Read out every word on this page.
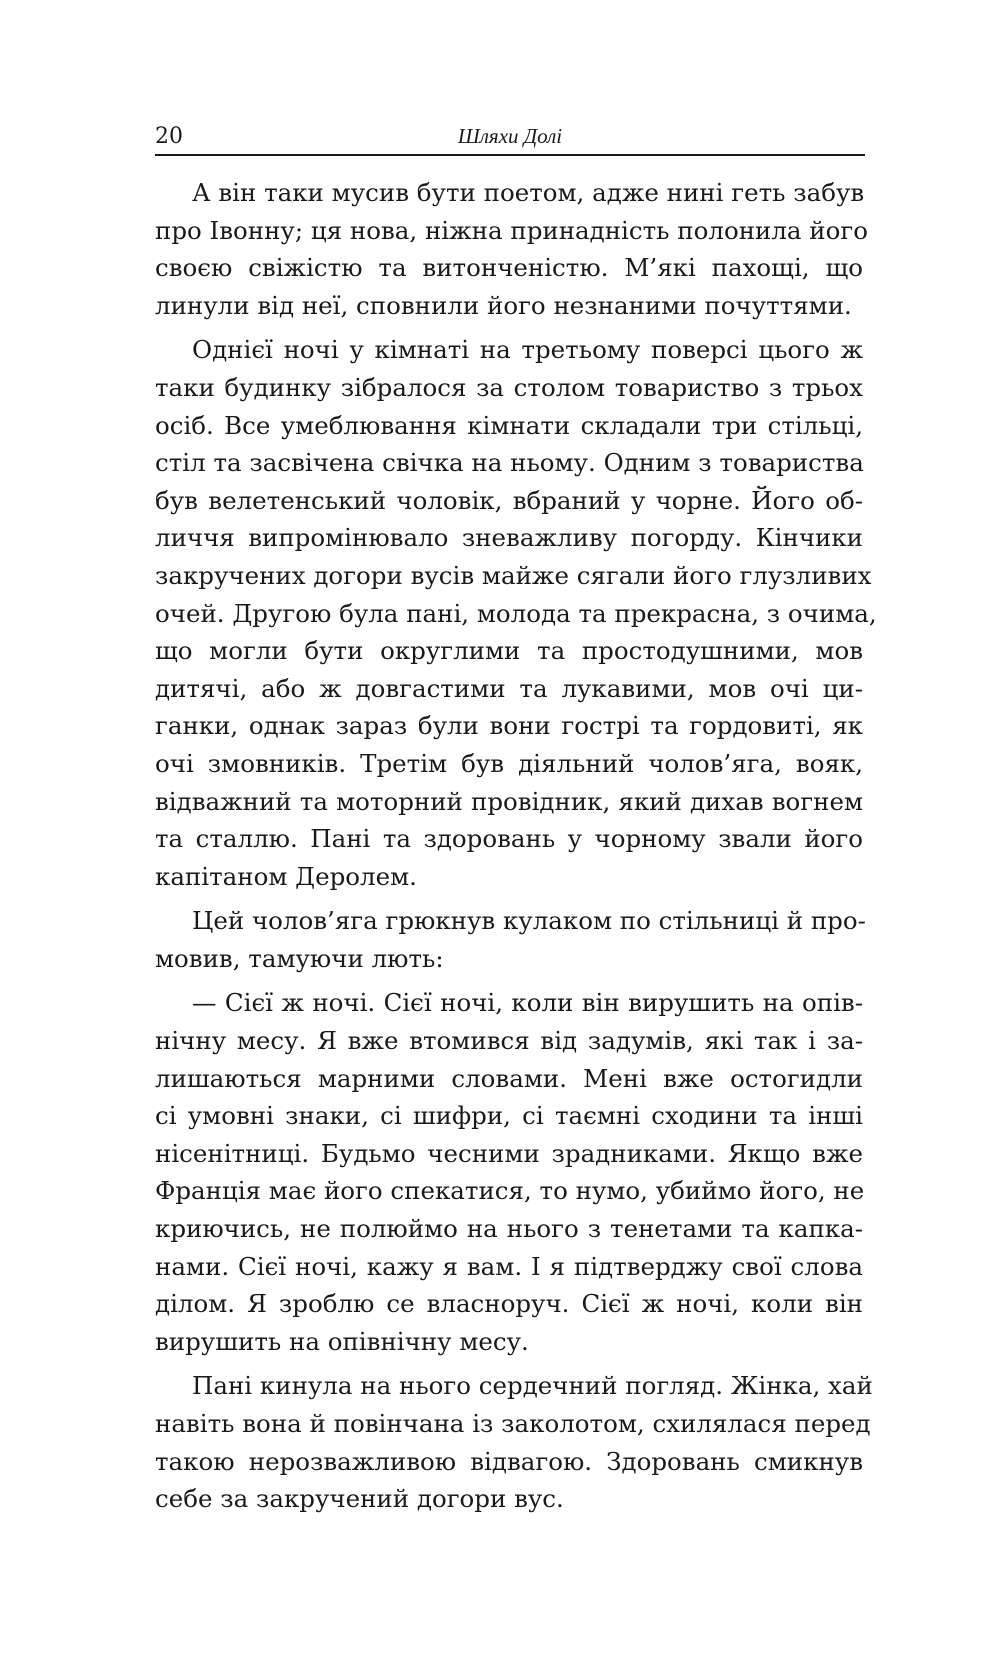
20	Шляхи Долі
А він таки мусив бути поетом, адже нині геть забув
про Івонну; ця нова, ніжна принадність полонила його
своєю свіжістю та витонченістю. М’які пахощі, що
линули від неї, сповнили його незнаними почуттями.
Однієї ночі у кімнаті на третьому поверсі цього ж
таки будинку зібралося за столом товариство з трьох
осіб. Все умеблювання кімнати складали три стільці,
стіл та засвічена свічка на ньому. Одним з товариства
був велетенський чоловік, вбраний у чорне. Його об-
личчя випромінювало зневажливу погорду. Кінчики
закручених догори вусів майже сягали його глузливих
очей. Другою була пані, молода та прекрасна, з очима,
що могли бути округлими та простодушними, мов
дитячі, або ж довгастими та лукавими, мов очі ци-
ганки, однак зараз були вони гострі та гордовиті, як
очі змовників. Третім був діяльний чолов’яга, вояк,
відважний та моторний провідник, який дихав вогнем
та сталлю. Пані та здоровань у чорному звали його
капітаном Деролем.
Цей чолов’яга грюкнув кулаком по стільниці й про-
мовив, тамуючи лють:
— Сієї ж ночі. Сієї ночі, коли він вирушить на опів-
нічну месу. Я вже втомився від задумів, які так і за-
лишаються марними словами. Мені вже остогидли
сі умовні знаки, сі шифри, сі таємні сходини та інші
нісенітниці. Будьмо чесними зрадниками. Якщо вже
Франція має його спекатися, то нумо, убиймо його, не
криючись, не полюймо на нього з тенетами та капка-
нами. Сієї ночі, кажу я вам. І я підтверджу свої слова
ділом. Я зроблю се власноруч. Сієї ж ночі, коли він
вирушить на опівнічну месу.
Пані кинула на нього сердечний погляд. Жінка, хай
навіть вона й повінчана із заколотом, схилялася перед
такою нерозважливою відвагою. Здоровань смикнув
себе за закручений догори вус.
